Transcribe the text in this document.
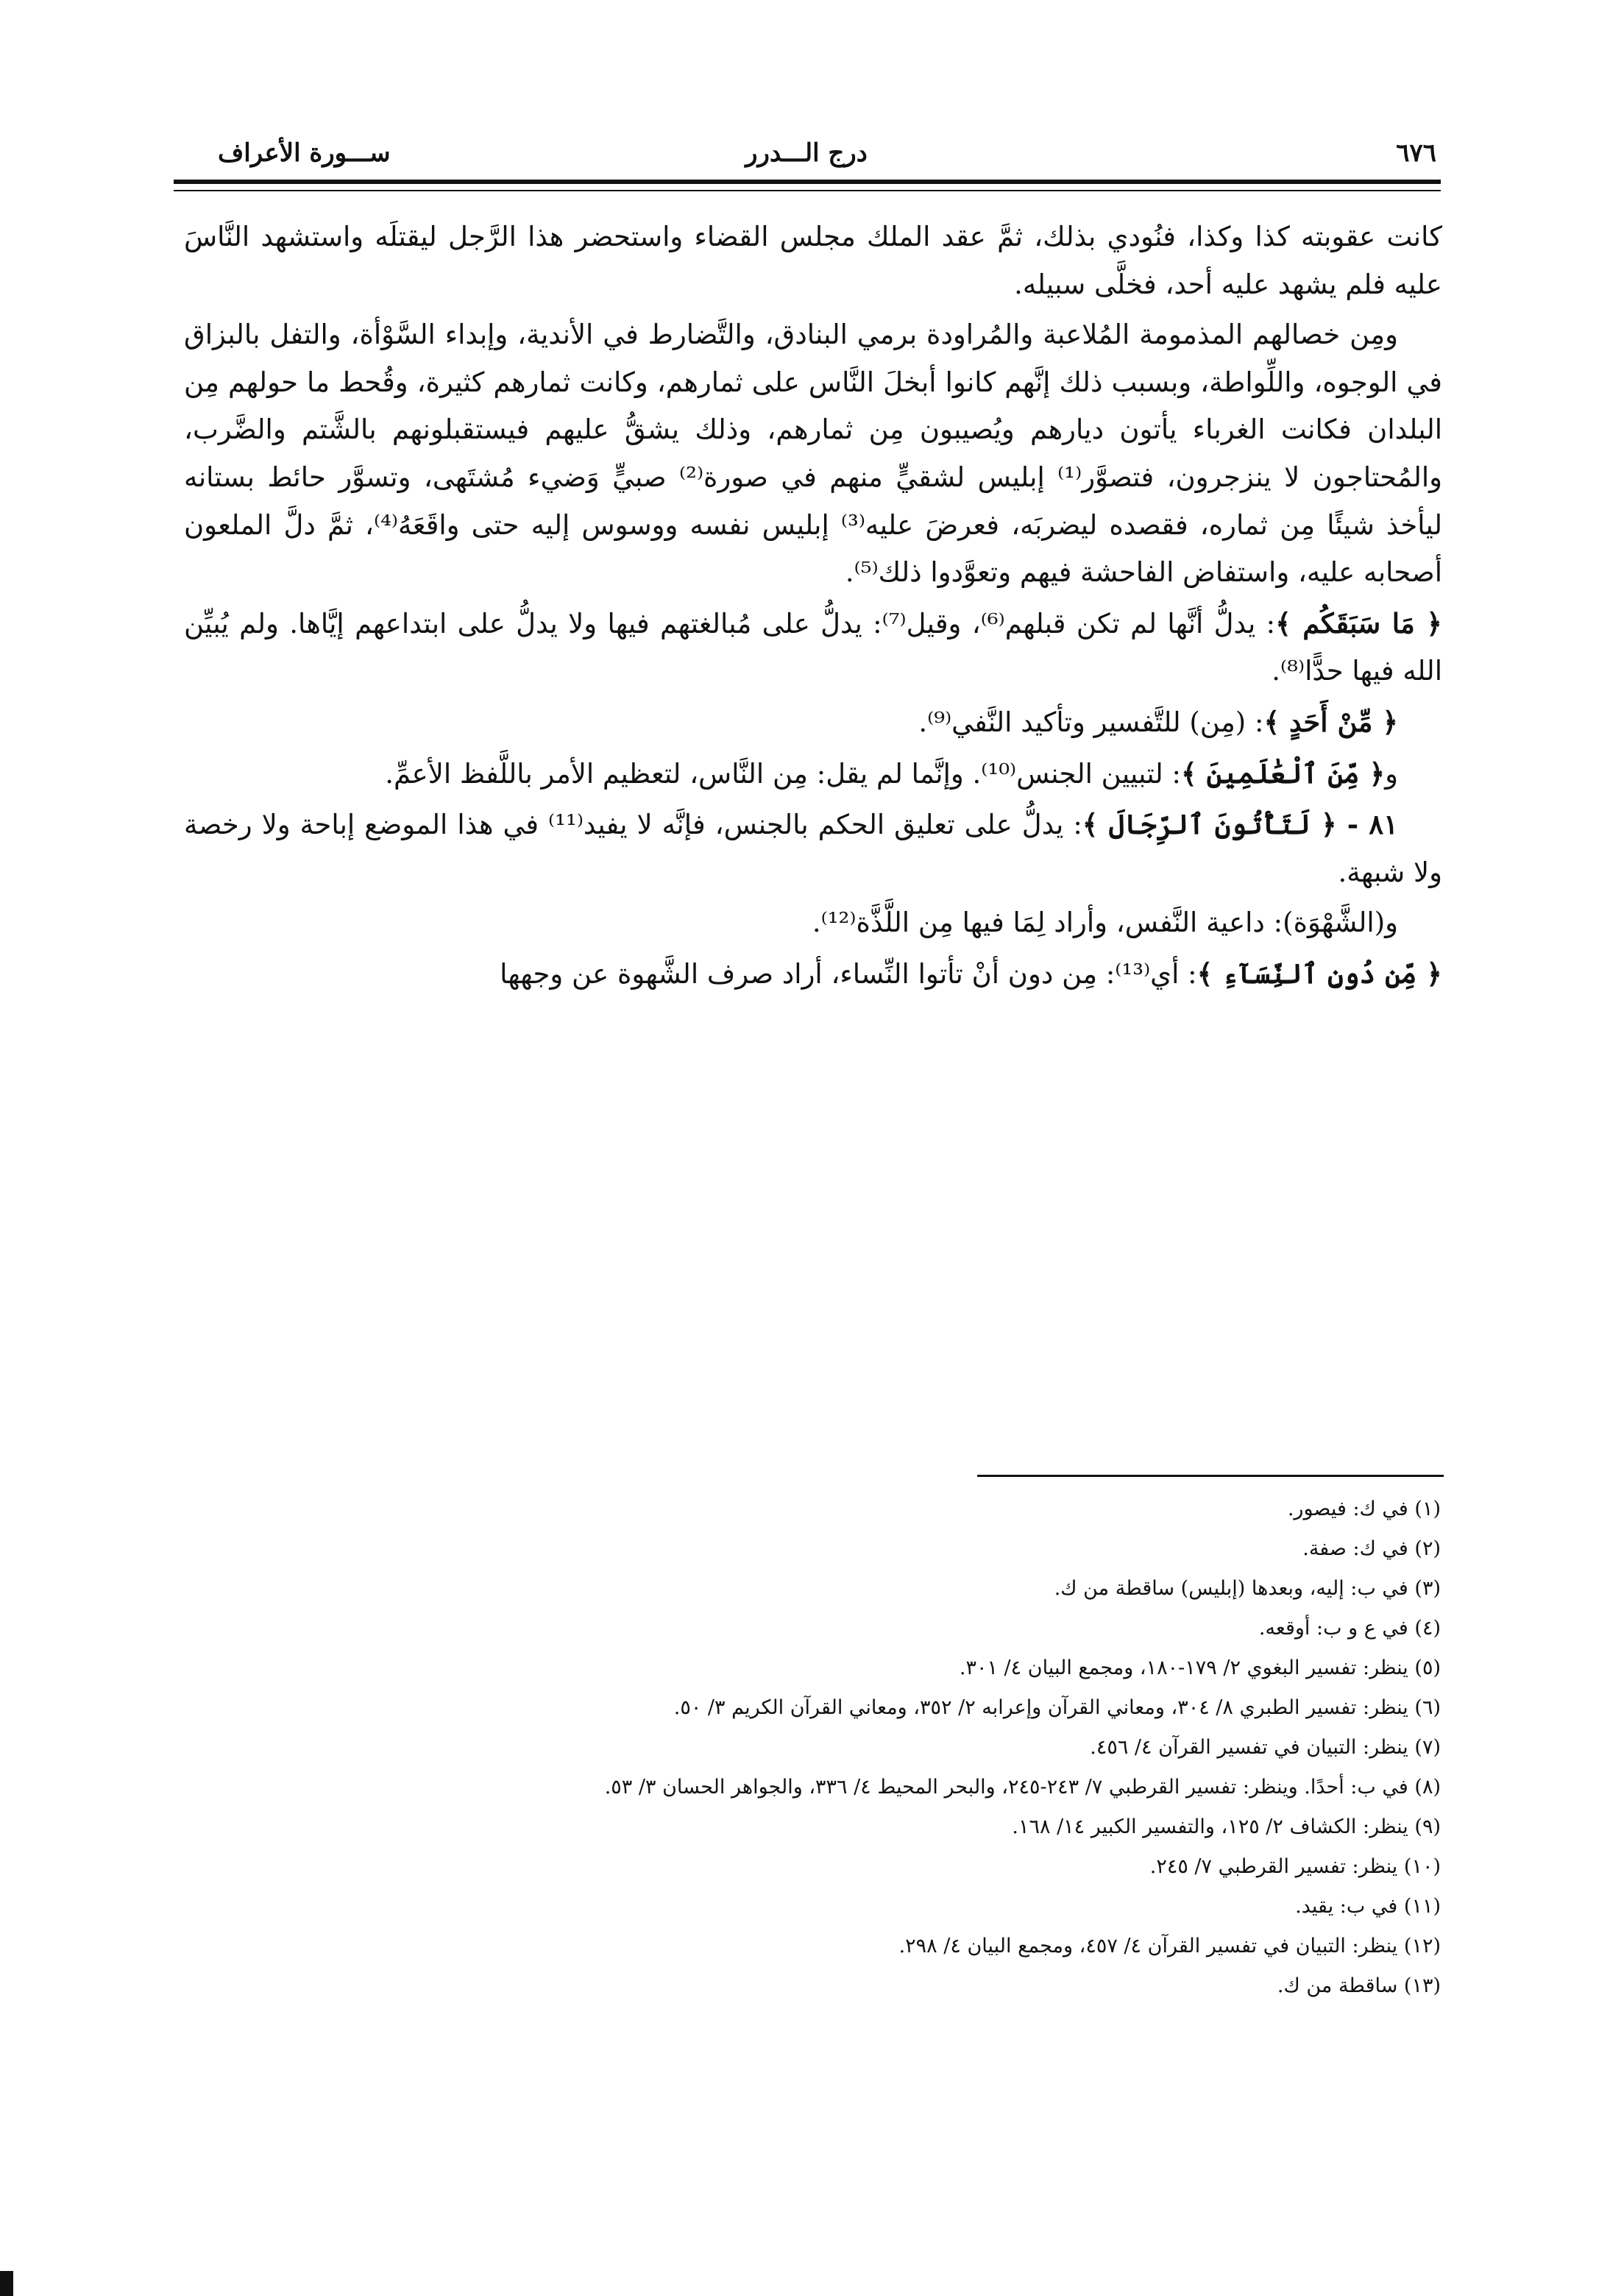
٦٧٦
درج الـــدرر
ســـورة الأعراف

كانت عقوبته كذا وكذا، فنُودي بذلك، ثمَّ عقد الملك مجلس القضاء واستحضر هذا الرَّجل ليقتلَه واستشهد النَّاسَ عليه فلم يشهد عليه أحد، فخلَّى سبيله.

ومِن خصالهم المذمومة المُلاعبة والمُراودة برمي البنادق، والتَّضارط في الأندية، وإبداء السَّوْأة، والتفل بالبزاق في الوجوه، واللِّواطة، وبسبب ذلك إنَّهم كانوا أبخلَ النَّاس على ثمارهم، وكانت ثمارهم كثيرة، وقُحط ما حولهم مِن البلدان فكانت الغرباء يأتون ديارهم ويُصيبون مِن ثمارهم، وذلك يشقُّ عليهم فيستقبلونهم بالشَّتم والضَّرب، والمُحتاجون لا ينزجرون، فتصوَّر⁽¹⁾ إبليس لشقيٍّ منهم في صورة⁽²⁾ صبيٍّ وَضيء مُشتَهى، وتسوَّر حائط بستانه ليأخذ شيئًا مِن ثماره، فقصده ليضربَه، فعرضَ عليه⁽³⁾ إبليس نفسه ووسوس إليه حتى واقَعَهُ⁽⁴⁾، ثمَّ دلَّ الملعون أصحابه عليه، واستفاض الفاحشة فيهم وتعوَّدوا ذلك⁽⁵⁾.

﴿ مَا سَبَقَكُم ﴾: يدلُّ أنَّها لم تكن قبلهم⁽⁶⁾، وقيل⁽⁷⁾: يدلُّ على مُبالغتهم فيها ولا يدلُّ على ابتداعهم إيَّاها. ولم يُبيِّن الله فيها حدًّا⁽⁸⁾.

﴿ مِّنْ أَحَدٍ ﴾: (مِن) للتَّفسير وتأكيد النَّفي⁽⁹⁾.

و﴿ مِّنَ ٱلْعَٰلَمِينَ ﴾: لتبيين الجنس⁽¹⁰⁾. وإنَّما لم يقل: مِن النَّاس، لتعظيم الأمر باللَّفظ الأعمِّ.

٨١ - ﴿ لَتَأْتُونَ ٱلرِّجَالَ ﴾: يدلُّ على تعليق الحكم بالجنس، فإنَّه لا يفيد⁽¹¹⁾ في هذا الموضع إباحة ولا رخصة ولا شبهة.

و(الشَّهْوَة): داعية النَّفس، وأراد لِمَا فيها مِن اللَّذَّة⁽¹²⁾.

﴿ مِّن دُونِ ٱلنِّسَآءِ ﴾: أي⁽¹³⁾: مِن دون أنْ تأتوا النِّساء، أراد صرف الشَّهوة عن وجهها

(١) في ك: فيصور.
(٢) في ك: صفة.
(٣) في ب: إليه، وبعدها (إبليس) ساقطة من ك.
(٤) في ع و ب: أوقعه.
(٥) ينظر: تفسير البغوي ٢/ ١٧٩-١٨٠، ومجمع البيان ٤/ ٣٠١.
(٦) ينظر: تفسير الطبري ٨/ ٣٠٤، ومعاني القرآن وإعرابه ٢/ ٣٥٢، ومعاني القرآن الكريم ٣/ ٥٠.
(٧) ينظر: التبيان في تفسير القرآن ٤/ ٤٥٦.
(٨) في ب: أحدًا. وينظر: تفسير القرطبي ٧/ ٢٤٣-٢٤٥، والبحر المحيط ٤/ ٣٣٦، والجواهر الحسان ٣/ ٥٣.
(٩) ينظر: الكشاف ٢/ ١٢٥، والتفسير الكبير ١٤/ ١٦٨.
(١٠) ينظر: تفسير القرطبي ٧/ ٢٤٥.
(١١) في ب: يقيد.
(١٢) ينظر: التبيان في تفسير القرآن ٤/ ٤٥٧، ومجمع البيان ٤/ ٢٩٨.
(١٣) ساقطة من ك.
